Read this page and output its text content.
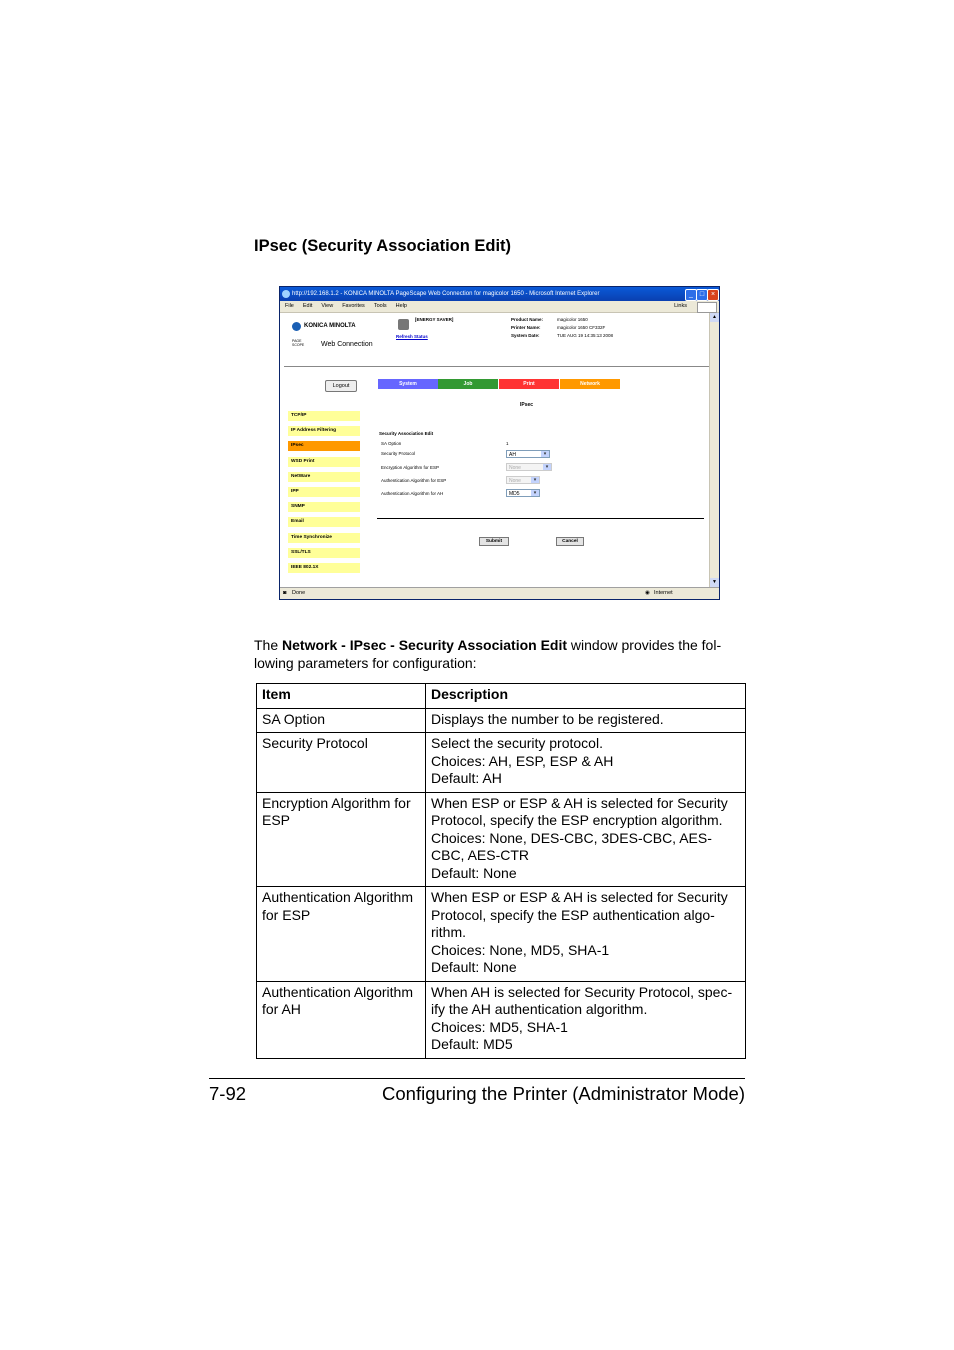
IPsec (Security Association Edit)
http://192.168.1.2 - KONICA MINOLTA PageScape Web Connection for magicolor 1650 - Microsoft Internet Explorer	_ □ ×
File Edit View Favorites Tools Help	Links
KONICA MINOLTA
PAGE SCOPE Web Connection
[ENERGY SAVER]
Refresh Status
Product Name:	magicolor 1650
Printer Name:	magicolor 1650 CF332F
System Date:	TUE AUG 19 14:35:13 2008
Logout	System	Job	Print	Network
TCP/IP
IP Address Filtering
IPsec
WSD Print
NetWare
IPP
SNMP
Email
Time Synchronize
SSL/TLS
IEEE 802.1X
IPsec
Security Association Edit
SA Option	1
Security Protocol	AH	▾
Encryption Algorithm for ESP	None	▾
Authentication Algorithm for ESP	None	▾
Authentication Algorithm for AH	MD5	▾
Submit	Cancel
▲
▼
◙ Done	◉ Internet
The Network - IPsec - Security Association Edit window provides the fol-lowing parameters for configuration:
Item	Description
SA Option	Displays the number to be registered.

Security Protocol	Select the security protocol.
Choices: AH, ESP, ESP & AH
Default: AH

Encryption Algorithm for ESP	When ESP or ESP & AH is selected for Security Protocol, specify the ESP encryption algorithm.
Choices: None, DES-CBC, 3DES-CBC, AES-CBC, AES-CTR
Default: None

Authentication Algorithm for ESP	When ESP or ESP & AH is selected for Security Protocol, specify the ESP authentication algo-rithm.
Choices: None, MD5, SHA-1
Default: None

Authentication Algorithm for AH	When AH is selected for Security Protocol, spec-ify the AH authentication algorithm.
Choices: MD5, SHA-1
Default: MD5
7-92	Configuring the Printer (Administrator Mode)
